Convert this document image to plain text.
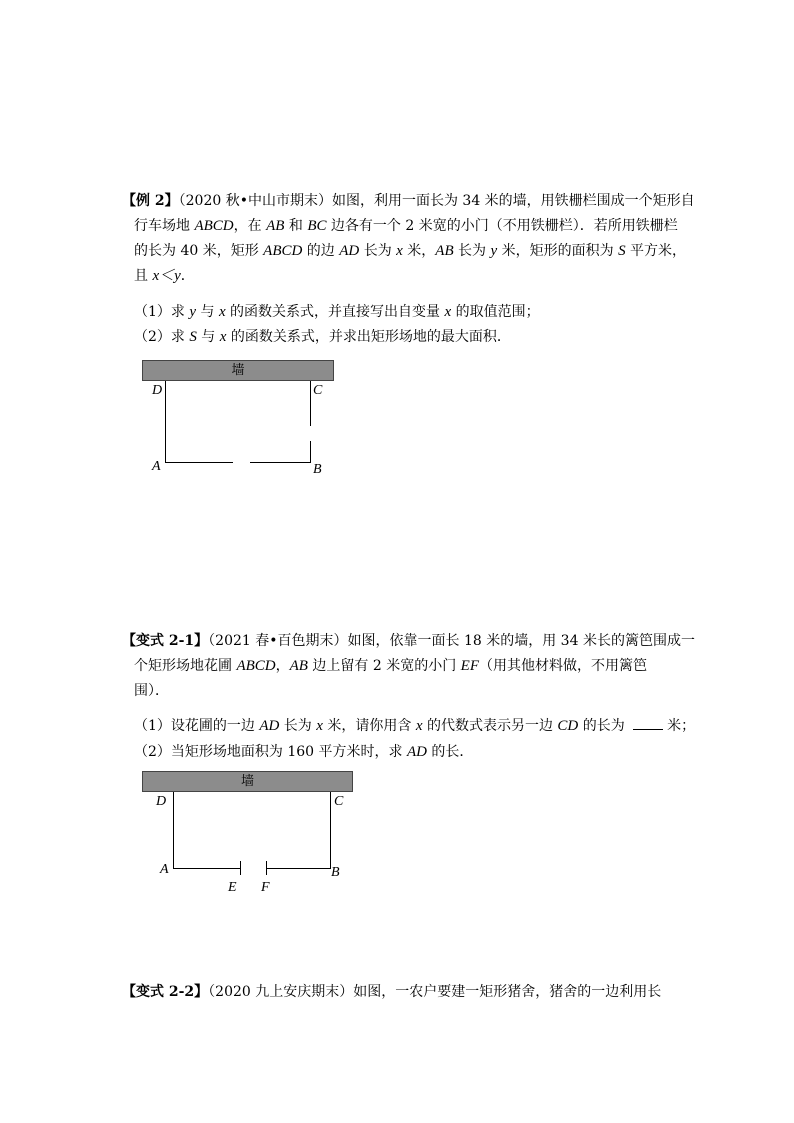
【例 2】（2020 秋•中山市期末）如图，利用一面长为 34 米的墙，用铁栅栏围成一个矩形自
行车场地 ABCD，在 AB 和 BC 边各有一个 2 米宽的小门（不用铁栅栏）．若所用铁栅栏
的长为 40 米，矩形 ABCD 的边 AD 长为 x 米，AB 长为 y 米，矩形的面积为 S 平方米，
且 x＜y．
（1）求 y 与 x 的函数关系式，并直接写出自变量 x 的取值范围；
（2）求 S 与 x 的函数关系式，并求出矩形场地的最大面积．
墙
D	C
A	B
【变式 2-1】（2021 春•百色期末）如图，依靠一面长 18 米的墙，用 34 米长的篱笆围成一
个矩形场地花圃 ABCD，AB 边上留有 2 米宽的小门 EF（用其他材料做，不用篱笆
围）．
（1）设花圃的一边 AD 长为 x 米，请你用含 x 的代数式表示另一边 CD 的长为	米；
（2）当矩形场地面积为 160 平方米时，求 AD 的长．
墙
D	C
A	B
E F
【变式 2-2】（2020 九上安庆期末）如图，一农户要建一矩形猪舍，猪舍的一边利用长
